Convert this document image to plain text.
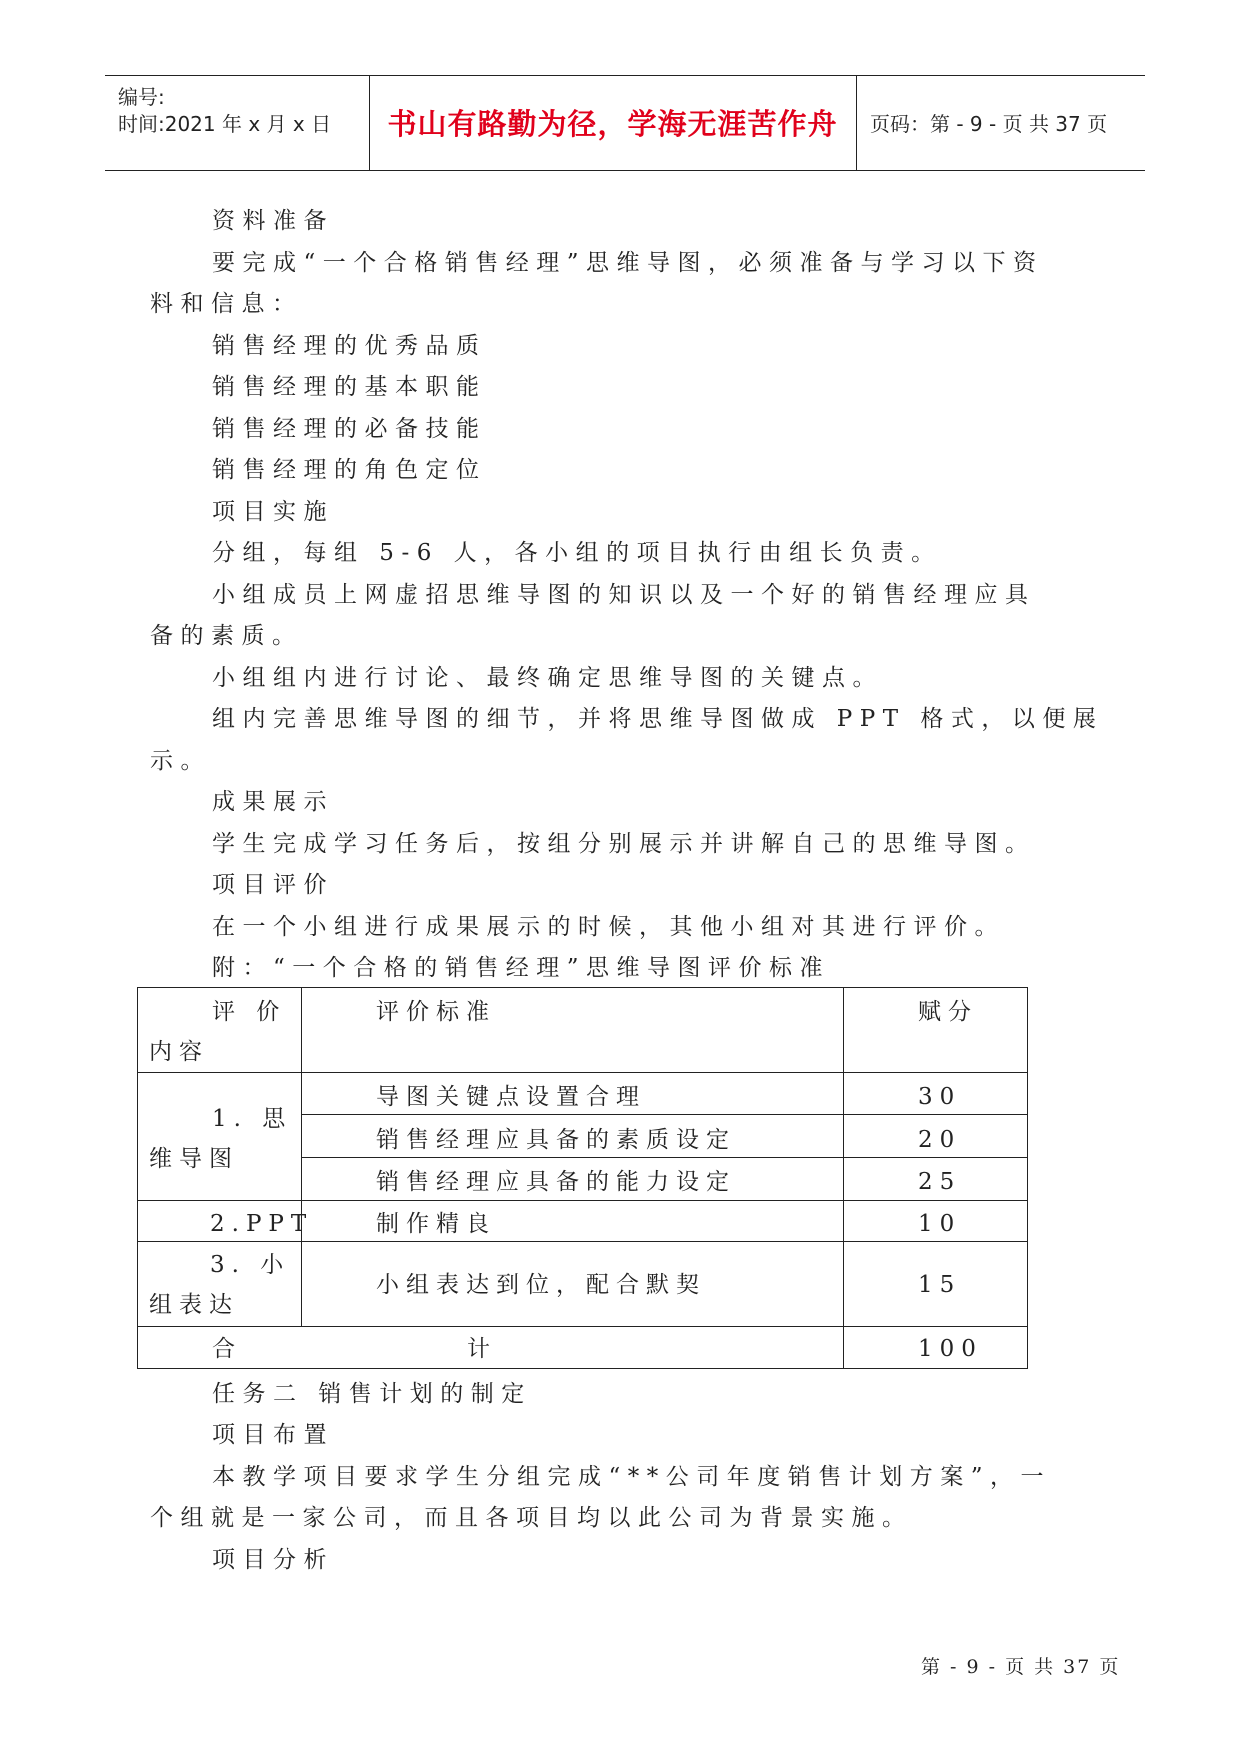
编号:
时间:2021 年 x 月 x 日	书山有路勤为径，学海无涯苦作舟	页码：第 - 9 - 页 共 37 页
资料准备
要完成“一个合格销售经理”思维导图，必须准备与学习以下资
料和信息：
销售经理的优秀品质
销售经理的基本职能
销售经理的必备技能
销售经理的角色定位
项目实施
分组，每组 5-6 人，各小组的项目执行由组长负责。
小组成员上网虚招思维导图的知识以及一个好的销售经理应具
备的素质。
小组组内进行讨论、最终确定思维导图的关键点。
组内完善思维导图的细节，并将思维导图做成 PPT 格式，以便展
示。
成果展示
学生完成学习任务后，按组分别展示并讲解自己的思维导图。
项目评价
在一个小组进行成果展示的时候，其他小组对其进行评价。
附：“一个合格的销售经理”思维导图评价标准
评 价
内容
评价标准	赋分
1. 思
维导图
导图关键点设置合理	30
销售经理应具备的素质设定	20
销售经理应具备的能力设定	25
2.PPT	制作精良	10
3. 小
组表达
小组表达到位，配合默契	15
合	计	100
任务二 销售计划的制定
项目布置
本教学项目要求学生分组完成“**公司年度销售计划方案”，一
个组就是一家公司，而且各项目均以此公司为背景实施。
项目分析
第 - 9 - 页 共 37 页
